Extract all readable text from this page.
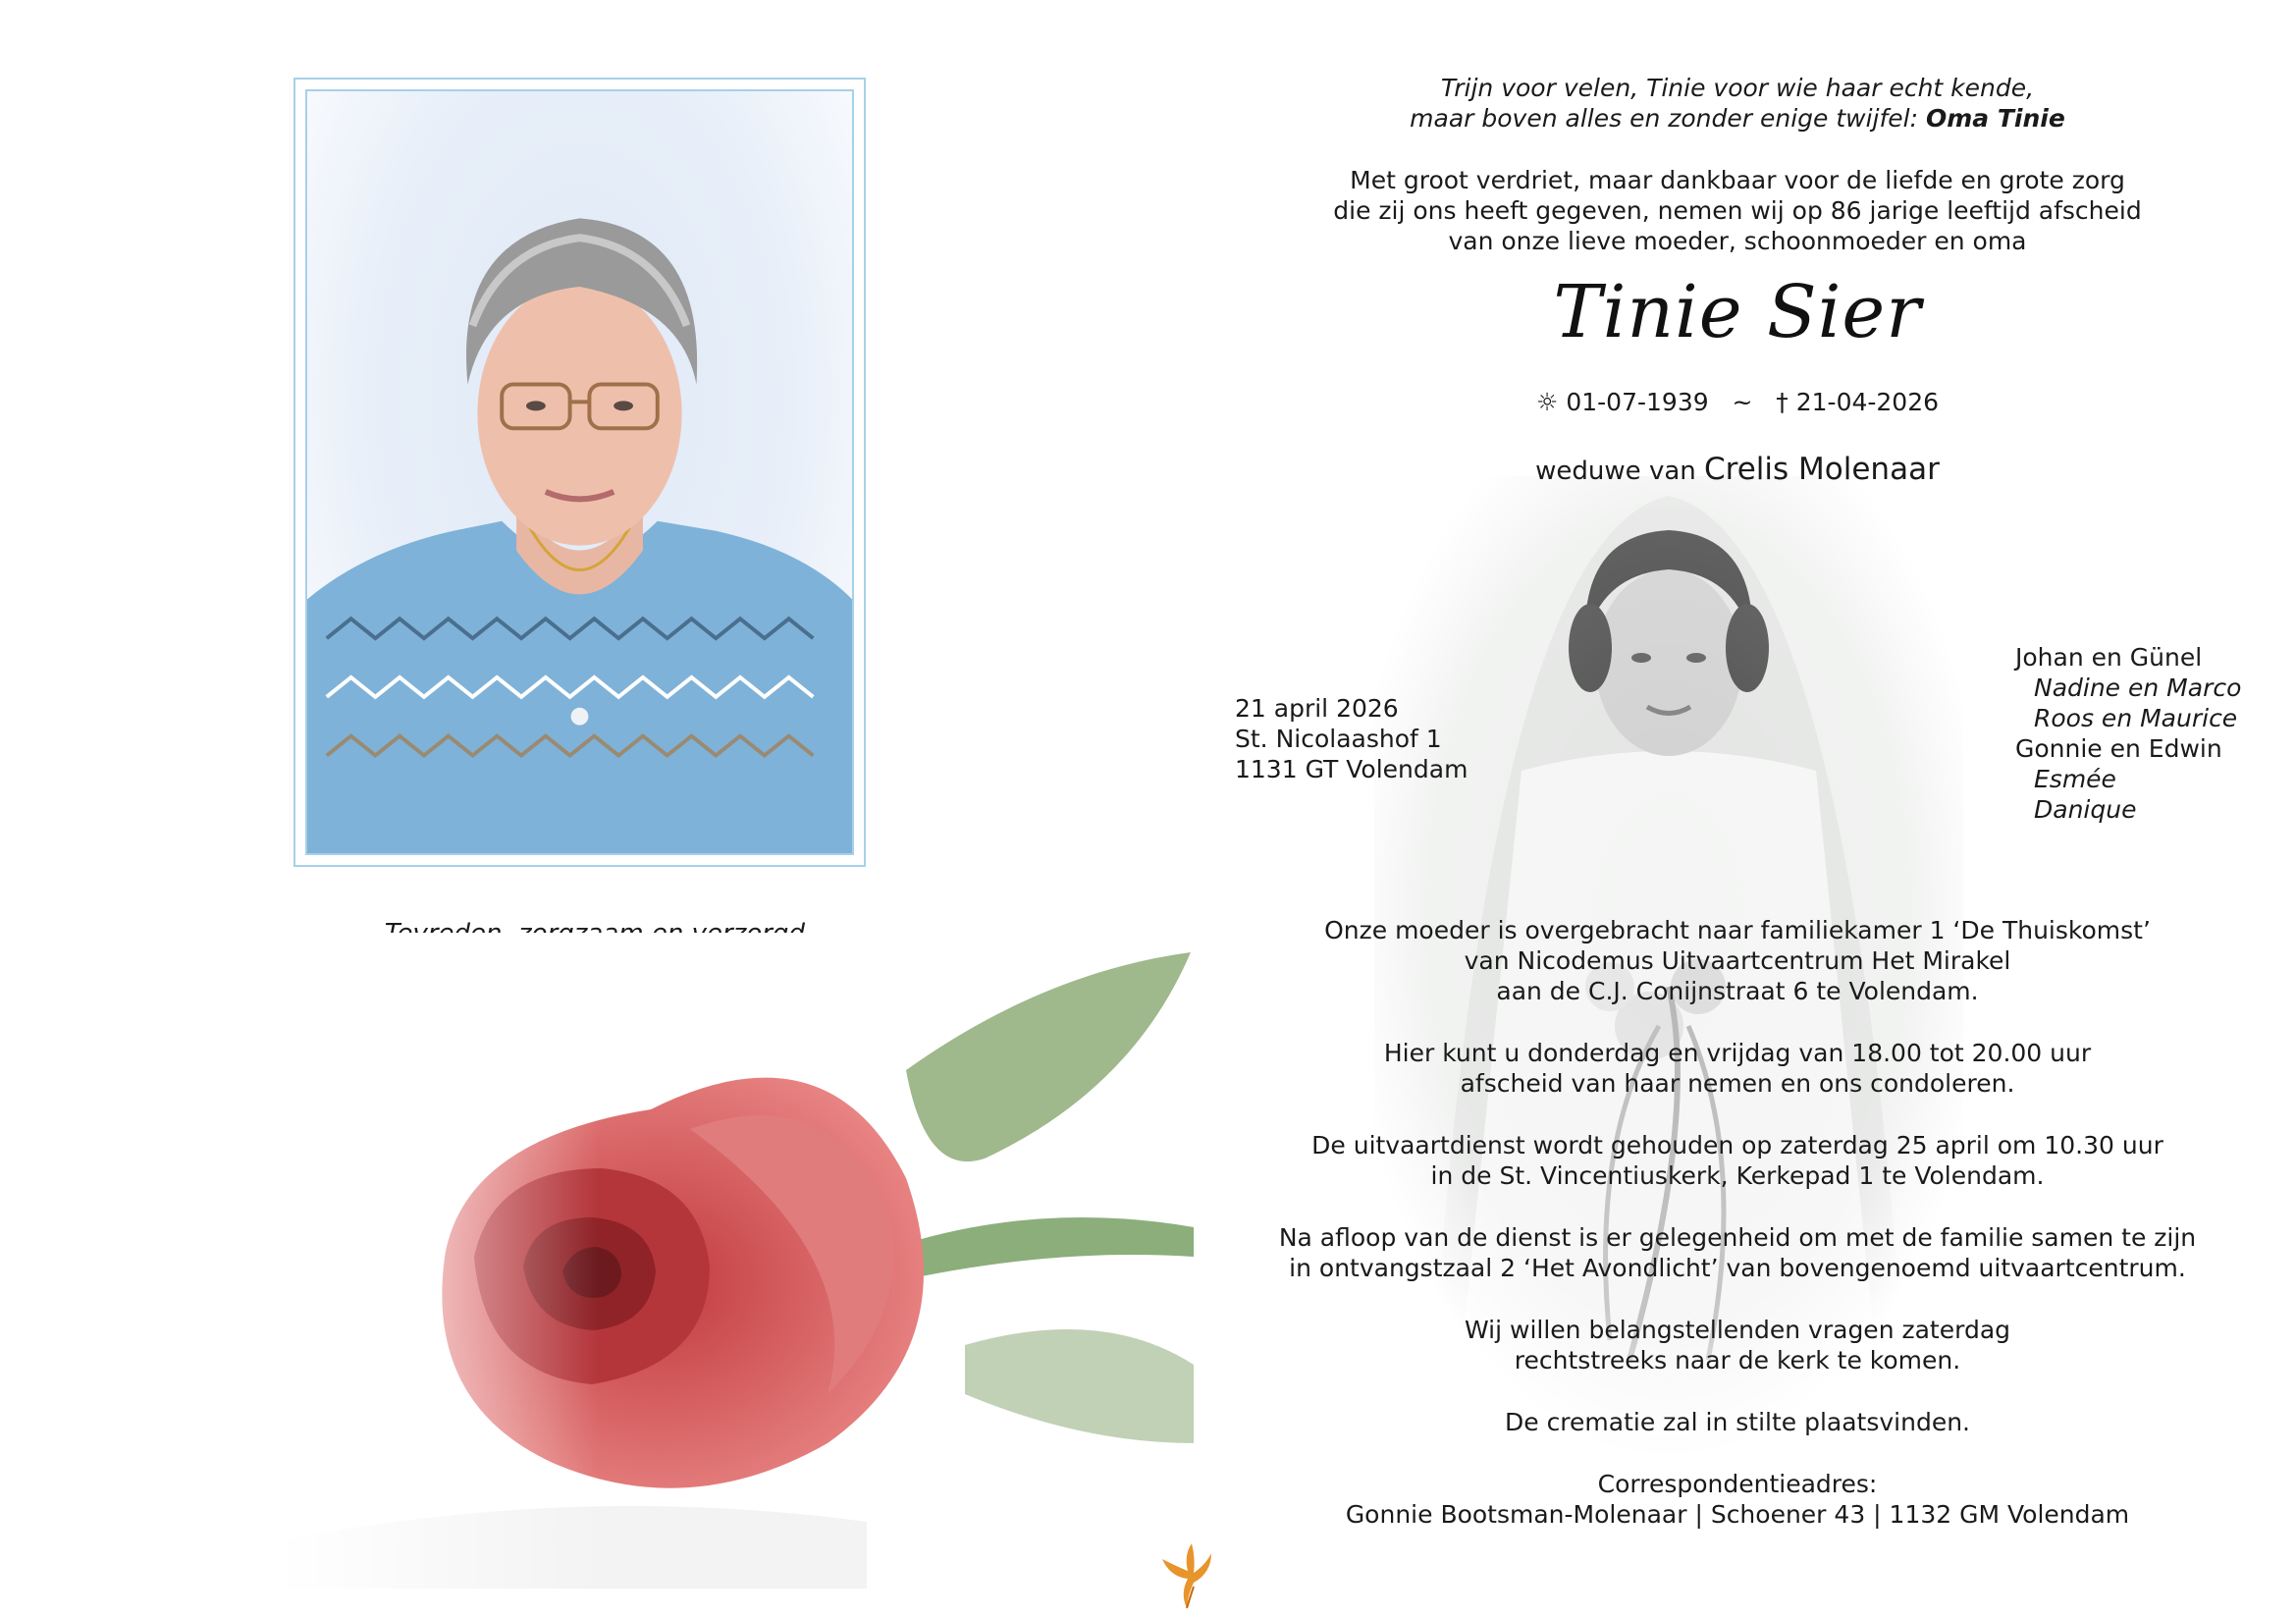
Trijn voor velen, Tinie voor wie haar echt kende,
maar boven alles en zonder enige twijfel: Oma Tinie
Met groot verdriet, maar dankbaar voor de liefde en grote zorg
die zij ons heeft gegeven, nemen wij op 86 jarige leeftijd afscheid
van onze lieve moeder, schoonmoeder en oma
Tinie Sier
☼ 01-07-1939 ~ † 21-04-2026
weduwe van Crelis Molenaar
21 april 2026
St. Nicolaashof 1
1131 GT Volendam
Johan en Günel
Nadine en Marco
Roos en Maurice
Gonnie en Edwin
Esmée
Danique

Onze moeder is overgebracht naar familiekamer 1 ‘De Thuiskomst’
van Nicodemus Uitvaartcentrum Het Mirakel
aan de C.J. Conijnstraat 6 te Volendam.

Hier kunt u donderdag en vrijdag van 18.00 tot 20.00 uur
afscheid van haar nemen en ons condoleren.

De uitvaartdienst wordt gehouden op zaterdag 25 april om 10.30 uur
in de St. Vincentiuskerk, Kerkepad 1 te Volendam.

Na afloop van de dienst is er gelegenheid om met de familie samen te zijn
in ontvangstzaal 2 ‘Het Avondlicht’ van bovengenoemd uitvaartcentrum.

Wij willen belangstellenden vragen zaterdag
rechtstreeks naar de kerk te komen.

De crematie zal in stilte plaatsvinden.

Correspondentieadres:
Gonnie Bootsman-Molenaar | Schoener 43 | 1132 GM Volendam
